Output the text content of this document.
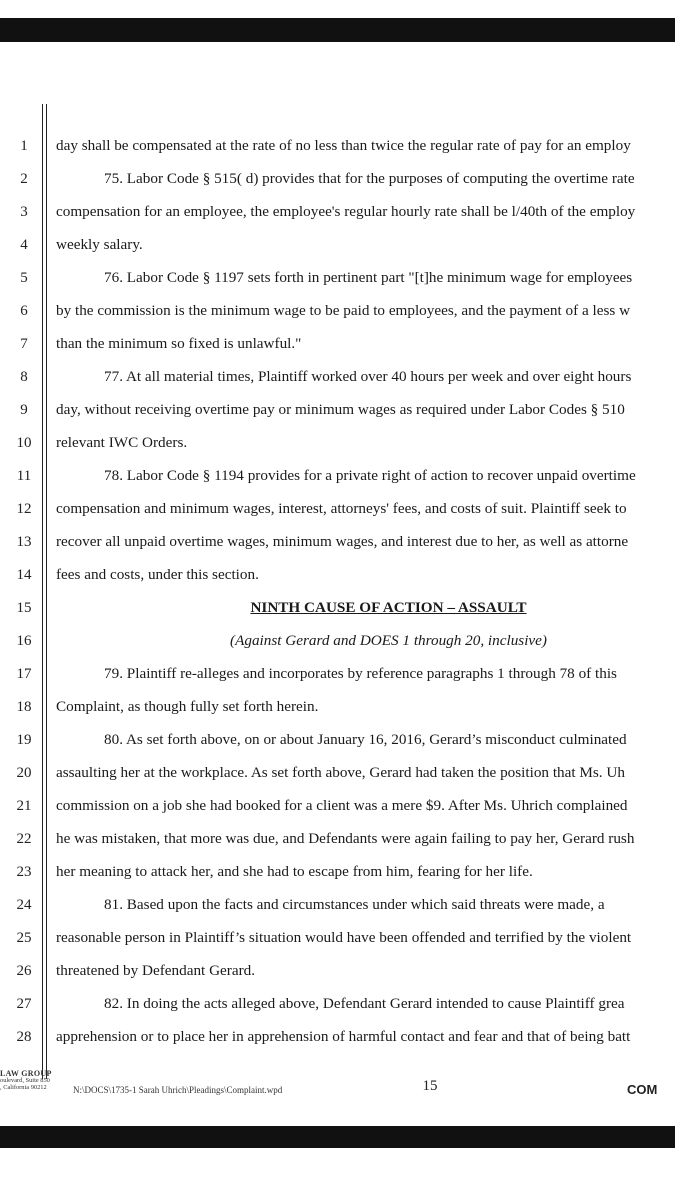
1
2
3
4
5
6
7
8
9
10
11
12
13
14
15
16
17
18
19
20
21
22
23
24
25
26
27
28
day shall be compensated at the rate of no less than twice the regular rate of pay for an employ
75. Labor Code § 515( d) provides that for the purposes of computing the overtime rate
compensation for an employee, the employee's regular hourly rate shall be l/40th of the employ
weekly salary.
76. Labor Code § 1197 sets forth in pertinent part "[t]he minimum wage for employees
by the commission is the minimum wage to be paid to employees, and the payment of a less w
than the minimum so fixed is unlawful."
77. At all material times, Plaintiff worked over 40 hours per week and over eight hours
day, without receiving overtime pay or minimum wages as required under Labor Codes § 510
relevant IWC Orders.
78. Labor Code § 1194 provides for a private right of action to recover unpaid overtime
compensation and minimum wages, interest, attorneys' fees, and costs of suit. Plaintiff seek to
recover all unpaid overtime wages, minimum wages, and interest due to her, as well as attorne
fees and costs, under this section.
NINTH CAUSE OF ACTION – ASSAULT
(Against Gerard and DOES 1 through 20, inclusive)
79. Plaintiff re-alleges and incorporates by reference paragraphs 1 through 78 of this
Complaint, as though fully set forth herein.
80. As set forth above, on or about January 16, 2016, Gerard’s misconduct culminated
assaulting her at the workplace. As set forth above, Gerard had taken the position that Ms. Uh
commission on a job she had booked for a client was a mere $9. After Ms. Uhrich complained
he was mistaken, that more was due, and Defendants were again failing to pay her, Gerard rush
her meaning to attack her, and she had to escape from him, fearing for her life.
81. Based upon the facts and circumstances under which said threats were made, a
reasonable person in Plaintiff’s situation would have been offended and terrified by the violent
threatened by Defendant Gerard.
82. In doing the acts alleged above, Defendant Gerard intended to cause Plaintiff grea
apprehension or to place her in apprehension of harmful contact and fear and that of being batt
LAW GROUP
oulevard, Suite 850
, California 90212	N:\DOCS\1735-1 Sarah Uhrich\Pleadings\Complaint.wpd	15	COM
